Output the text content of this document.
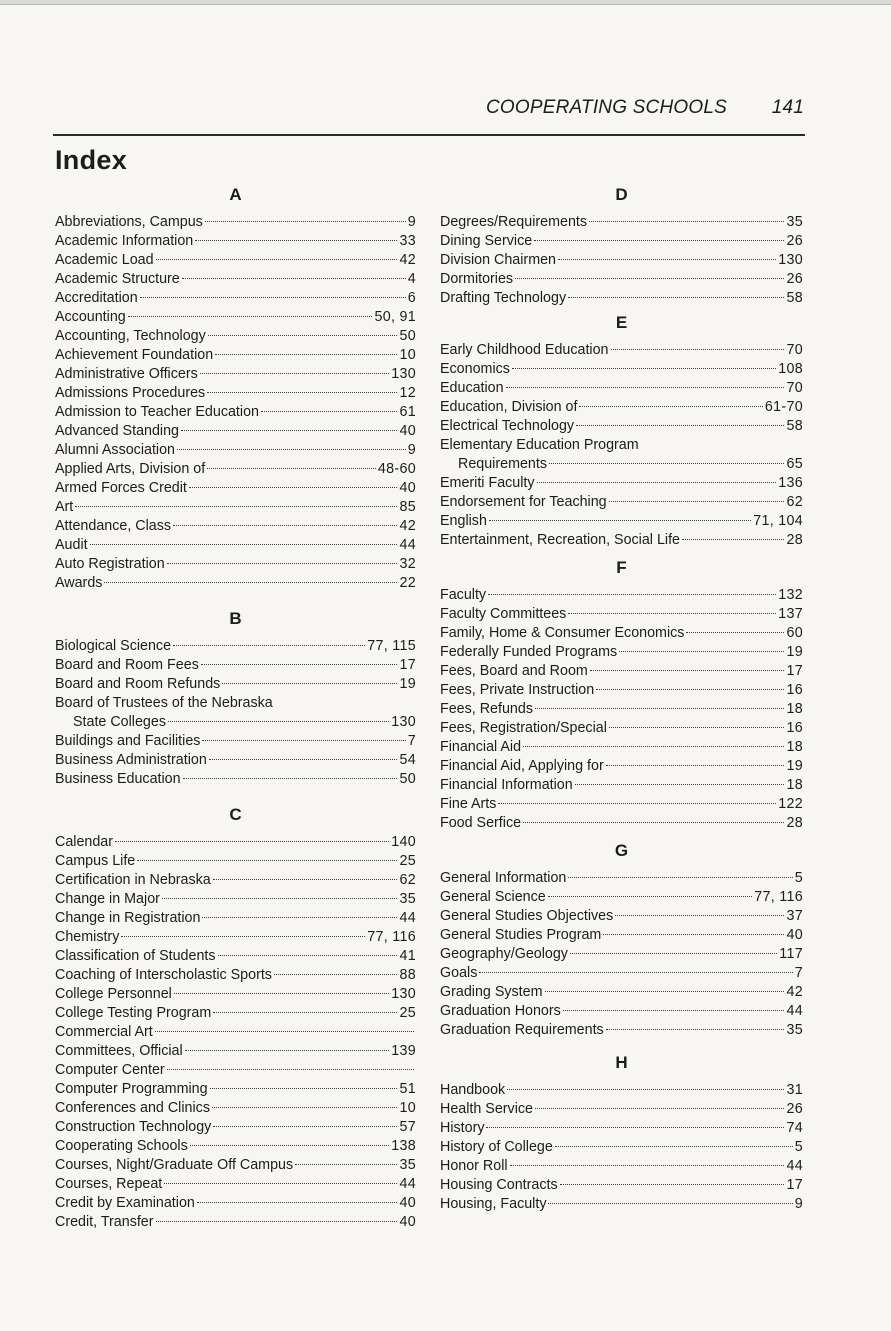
COOPERATING SCHOOLS 141
Index
A
Abbreviations, Campus	9
Academic Information	33
Academic Load	42
Academic Structure	4
Accreditation	6
Accounting	50, 91
Accounting, Technology	50
Achievement Foundation	10
Administrative Officers	130
Admissions Procedures	12
Admission to Teacher Education	61
Advanced Standing	40
Alumni Association	9
Applied Arts, Division of	48-60
Armed Forces Credit	40
Art	85
Attendance, Class	42
Audit	44
Auto Registration	32
Awards	22
B
Biological Science	77, 115
Board and Room Fees	17
Board and Room Refunds	19
Board of Trustees of the Nebraska
State Colleges	130
Buildings and Facilities	7
Business Administration	54
Business Education	50
C
Calendar	140
Campus Life	25
Certification in Nebraska	62
Change in Major	35
Change in Registration	44
Chemistry	77, 116
Classification of Students	41
Coaching of Interscholastic Sports	88
College Personnel	130
College Testing Program	25
Commercial Art
Committees, Official	139
Computer Center
Computer Programming	51
Conferences and Clinics	10
Construction Technology	57
Cooperating Schools	138
Courses, Night/Graduate Off Campus	35
Courses, Repeat	44
Credit by Examination	40
Credit, Transfer	40
D
Degrees/Requirements	35
Dining Service	26
Division Chairmen	130
Dormitories	26
Drafting Technology	58
E
Early Childhood Education	70
Economics	108
Education	70
Education, Division of	61-70
Electrical Technology	58
Elementary Education Program
Requirements	65
Emeriti Faculty	136
Endorsement for Teaching	62
English	71, 104
Entertainment, Recreation, Social Life	28
F
Faculty	132
Faculty Committees	137
Family, Home & Consumer Economics	60
Federally Funded Programs	19
Fees, Board and Room	17
Fees, Private Instruction	16
Fees, Refunds	18
Fees, Registration/Special	16
Financial Aid	18
Financial Aid, Applying for	19
Financial Information	18
Fine Arts	122
Food Serfice	28
G
General Information	5
General Science	77, 116
General Studies Objectives	37
General Studies Program	40
Geography/Geology	117
Goals	7
Grading System	42
Graduation Honors	44
Graduation Requirements	35
H
Handbook	31
Health Service	26
History	74
History of College	5
Honor Roll	44
Housing Contracts	17
Housing, Faculty	9
